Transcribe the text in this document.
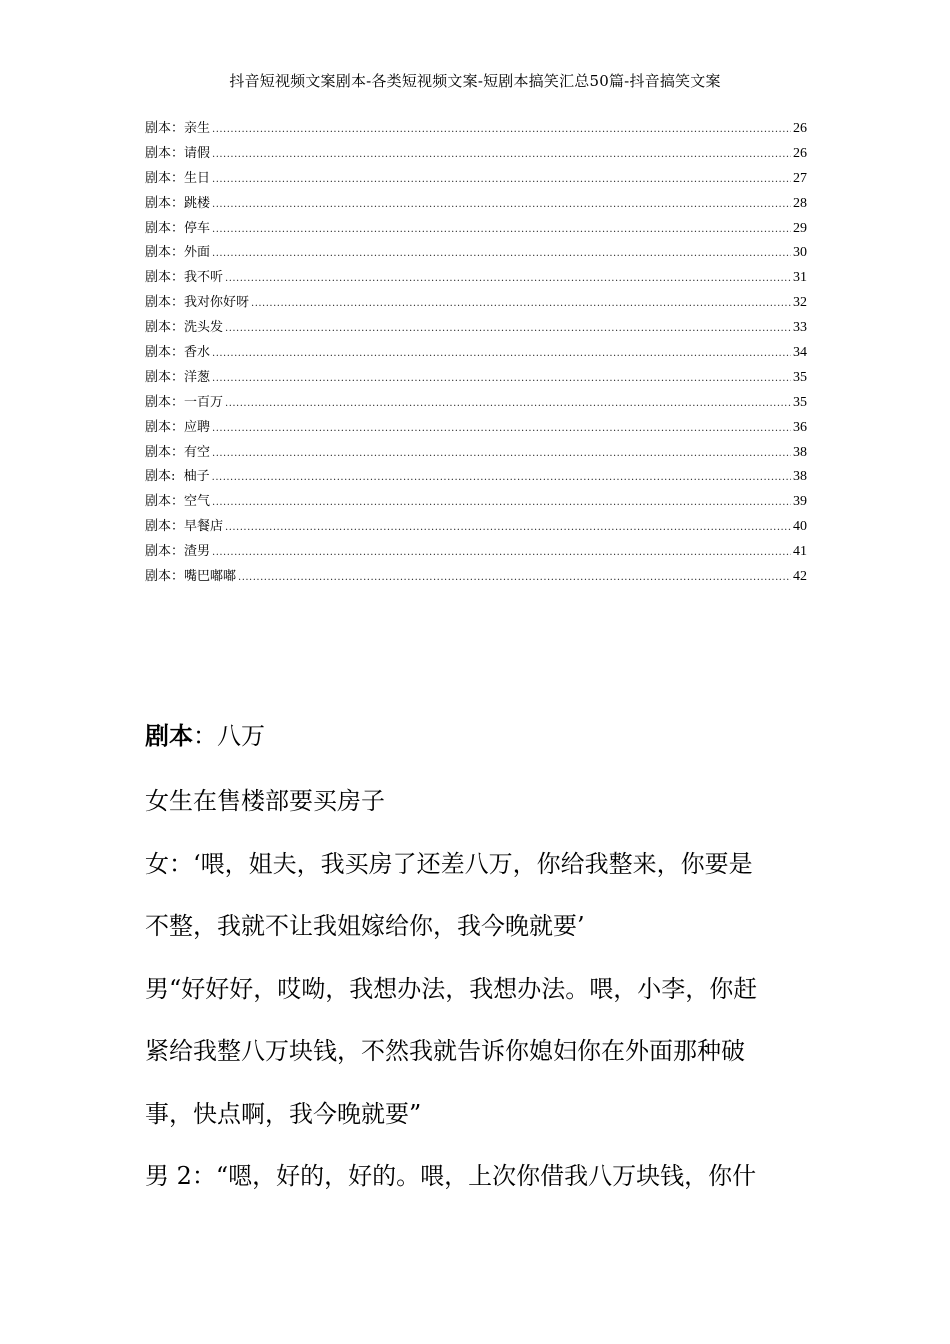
抖音短视频文案剧本-各类短视频文案-短剧本搞笑汇总50篇-抖音搞笑文案
剧本：亲生 .....	26
剧本：请假 .....	26
剧本：生日 .....	27
剧本：跳楼 .....	28
剧本：停车 .....	29
剧本：外面 .....	30
剧本：我不听 .....	31
剧本：我对你好呀 .....	32
剧本：洗头发 .....	33
剧本：香水 .....	34
剧本：洋葱 .....	35
剧本：一百万 .....	35
剧本：应聘 .....	36
剧本：有空 .....	38
剧本:  柚子 .....	38
剧本：空气 .....	39
剧本：早餐店 .....	40
剧本：渣男 .....	41
剧本：嘴巴嘟嘟 .....	42
剧本：八万

女生在售楼部要买房子

女：‘喂，姐夫，我买房了还差八万，你给我整来，你要是

不整，我就不让我姐嫁给你，我今晚就要’

男“好好好，哎呦，我想办法，我想办法。喂，小李，你赶

紧给我整八万块钱，不然我就告诉你媳妇你在外面那种破

事，快点啊，我今晚就要”

男 2：“嗯，好的，好的。喂，上次你借我八万块钱，你什
